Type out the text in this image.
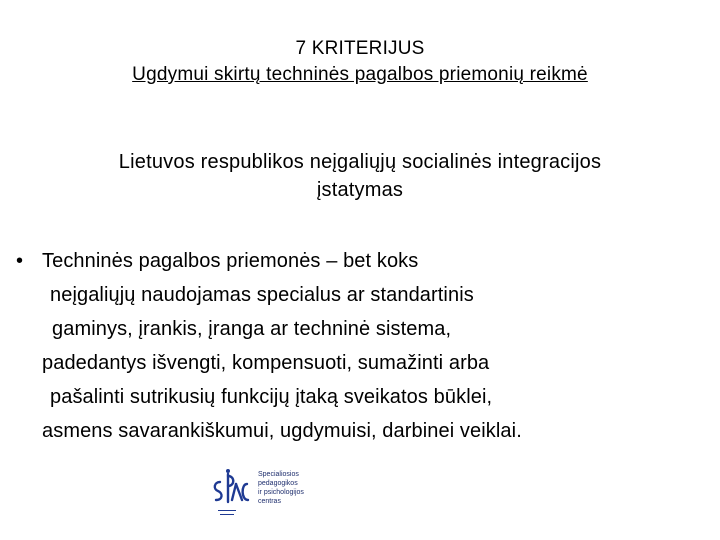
7 KRITERIJUS
Ugdymui skirtų techninės pagalbos priemonių reikmė
Lietuvos respublikos neįgaliųjų socialinės integracijos
įstatymas
• Techninės pagalbos priemonės – bet koks
neįgaliųjų naudojamas specialus ar standartinis
gaminys, įrankis, įranga ar techninė sistema,
padedantys išvengti, kompensuoti, sumažinti arba
pašalinti sutrikusių funkcijų įtaką sveikatos būklei,
asmens savarankiškumui, ugdymuisi, darbinei veiklai.
Specialiosios
pedagogikos
ir psichologijos
centras
